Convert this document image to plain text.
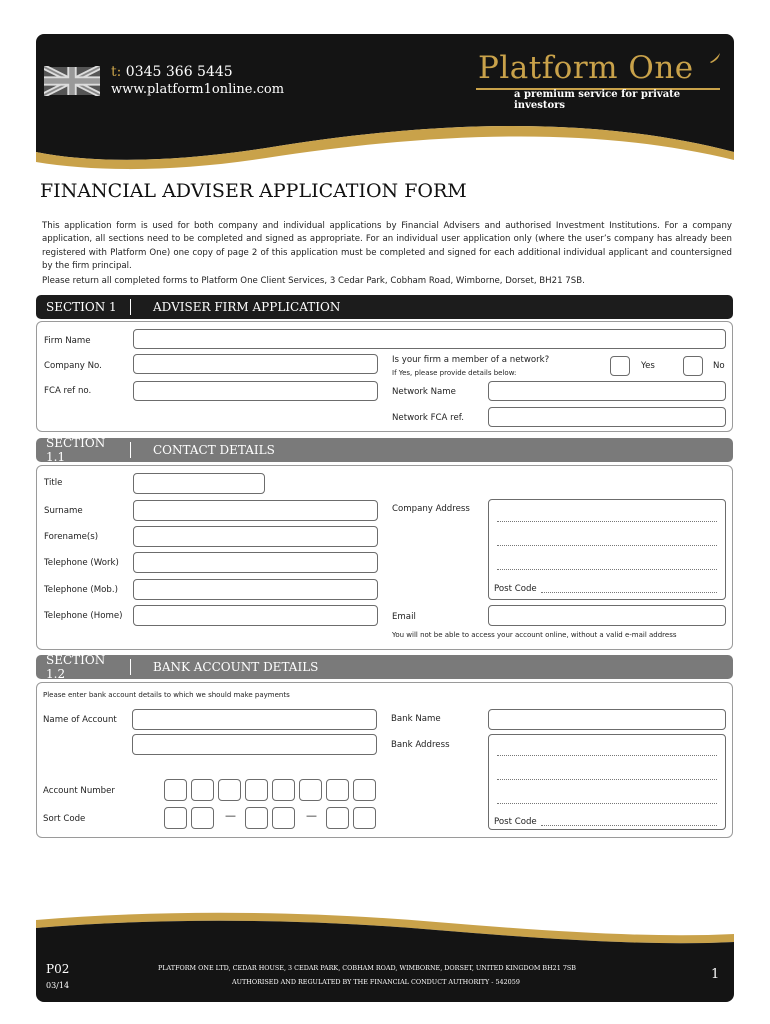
t: 0345 366 5445
www.platform1online.com
Platform One
a premium service for private investors
FINANCIAL ADVISER APPLICATION FORM
This application form is used for both company and individual applications by Financial Advisers and authorised Investment Institutions. For a company application, all sections need to be completed and signed as appropriate. For an individual user application only (where the user’s company has already been registered with Platform One) one copy of page 2 of this application must be completed and signed for each additional individual applicant and countersigned by the firm principal.
Please return all completed forms to Platform One Client Services, 3 Cedar Park, Cobham Road, Wimborne, Dorset, BH21 7SB.
SECTION 1	ADVISER FIRM APPLICATION
Firm Name
Company No.
Is your firm a member of a network?
If Yes, please provide details below:
Yes	No
FCA ref no.	Network Name
Network FCA ref.
SECTION 1.1	CONTACT DETAILS
Title
Surname
Forename(s)
Telephone (Work)
Telephone (Mob.)
Telephone (Home)
Company Address
Post Code
Email
You will not be able to access your account online, without a valid e-mail address
SECTION 1.2	BANK ACCOUNT DETAILS
Please enter bank account details to which we should make payments
Name of Account	Bank Name
Bank Address
Post Code
Account Number
Sort Code	—	—
P02
03/14
PLATFORM ONE LTD, CEDAR HOUSE, 3 CEDAR PARK, COBHAM ROAD, WIMBORNE, DORSET, UNITED KINGDOM BH21 7SB
AUTHORISED AND REGULATED BY THE FINANCIAL CONDUCT AUTHORITY - 542059	1
